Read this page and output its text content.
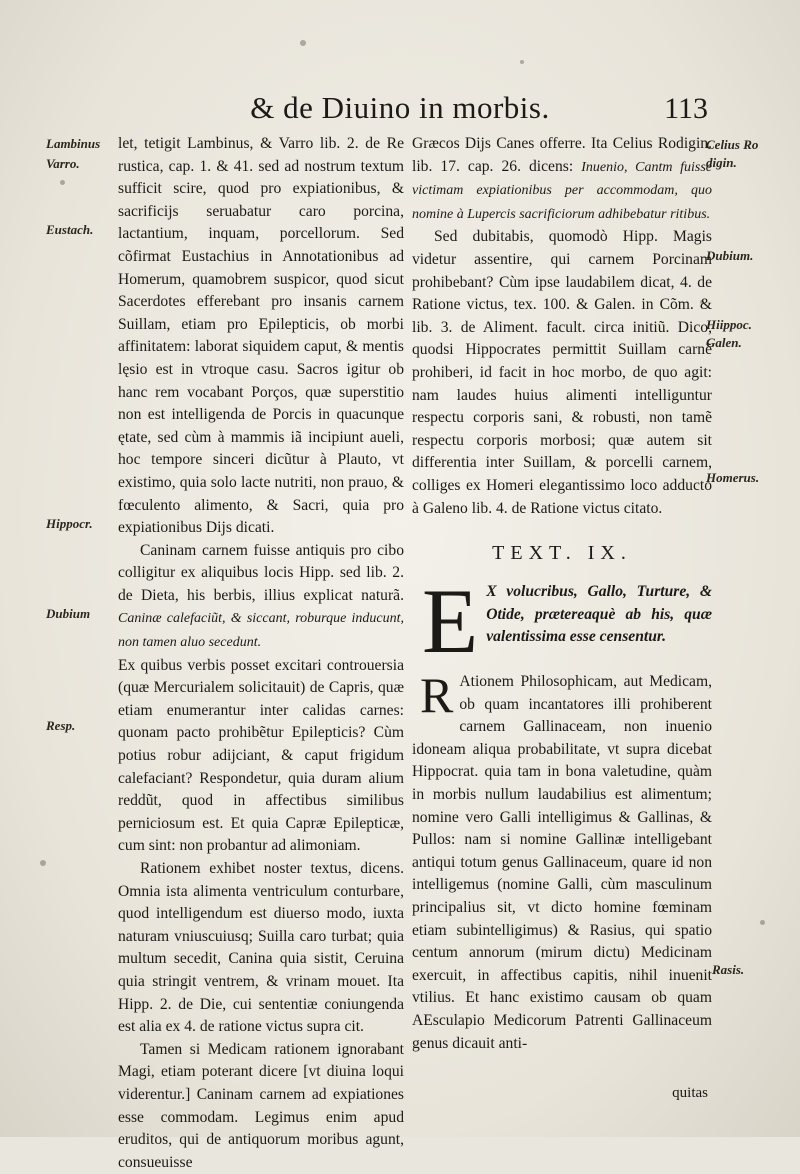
& de Diuino in morbis.	113
Lambinus
Varro.
Eustach.
Hippocr.
Dubium
Resp.
Celius Ro digin.
Dubium.
Hiippoc. Galen.
Homerus.
Rasis.

let, tetigit Lambinus, & Varro lib. 2. de Re rustica, cap. 1. & 41. sed ad nostrum textum sufficit scire, quod pro expiationibus, & sacrificijs seruabatur caro porcina, lactantium, inquam, porcellorum. Sed cõfirmat Eustachius in Annotationibus ad Homerum, quamobrem suspicor, quod sicut Sacerdotes efferebant pro insanis carnem Suillam, etiam pro Epilepticis, ob morbi affinitatem: laborat siquidem caput, & mentis lęsio est in vtroque casu. Sacros igitur ob hanc rem vocabant Porços, quæ superstitio non est intelligenda de Porcis in quacunque ętate, sed cùm à mammis iã incipiunt aueli, hoc tempore sinceri dicũtur à Plauto, vt existimo, quia solo lacte nutriti, non prauo, & fœculento alimento, & Sacri, quia pro expiationibus Dijs dicati.

Caninam carnem fuisse antiquis pro cibo colligitur ex aliquibus locis Hipp. sed lib. 2. de Dieta, his berbis, illius explicat naturã. Caninæ calefaciũt, & siccant, roburque inducunt, non tamen aluo secedunt.

Ex quibus verbis posset excitari controuersia (quæ Mercurialem solicitauit) de Capris, quæ etiam enumerantur inter calidas carnes: quonam pacto prohibẽtur Epilepticis? Cùm potius robur adijciant, & caput frigidum calefaciant? Respondetur, quia duram alium reddũt, quod in affectibus similibus perniciosum est. Et quia Capræ Epilepticæ, cum sint: non probantur ad alimoniam.

Rationem exhibet noster textus, dicens. Omnia ista alimenta ventriculum conturbare, quod intelligendum est diuerso modo, iuxta naturam vniuscuiusq; Suilla caro turbat; quia multum secedit, Canina quia sistit, Ceruina quia stringit ventrem, & vrinam mouet. Ita Hipp. 2. de Die, cui sententiæ coniungenda est alia ex 4. de ratione victus supra cit.

Tamen si Medicam rationem ignorabant Magi, etiam poterant dicere [vt diuina loqui viderentur.] Caninam carnem ad expiationes esse commodam. Legimus enim apud eruditos, qui de antiquorum moribus agunt, consueuisse

Græcos Dijs Canes offerre. Ita Celius Rodigin. lib. 17. cap. 26. dicens: Inuenio, Cantm fuisse victimam expiationibus per accommodam, quo nomine à Lupercis sacrificiorum adhibebatur ritibus.

Sed dubitabis, quomodò Hipp. Magis videtur assentire, qui carnem Porcinam prohibebant? Cùm ipse laudabilem dicat, 4. de Ratione victus, tex. 100. & Galen. in Cõm. & lib. 3. de Aliment. facult. circa initiũ. Dico, quodsi Hippocrates permittit Suillam carnẽ prohiberi, id facit in hoc morbo, de quo agit: nam laudes huius alimenti intelliguntur respectu corporis sani, & robusti, non tamẽ respectu corporis morbosi; quæ autem sit differentia inter Suillam, & porcelli carnem, colliges ex Homeri elegantissimo loco adducto à Galeno lib. 4. de Ratione victus citato.

TEXT. IX.
E X volucribus, Gallo, Turture, & Otide, prætereaquè ab his, quæ valentissima esse censentur.

R Ationem Philosophicam, aut Medicam, ob quam incantatores illi prohiberent carnem Gallinaceam, non inuenio idoneam aliqua probabilitate, vt supra dicebat Hippocrat. quia tam in bona valetudine, quàm in morbis nullum laudabilius est alimentum; nomine vero Galli intelligimus & Gallinas, & Pullos: nam si nomine Gallinæ intelligebant antiqui totum genus Gallinaceum, quare id non intelligemus (nomine Galli, cùm masculinum principalius sit, vt dicto homine fœminam etiam subintelligimus) & Rasius, qui spatio centum annorum (mirum dictu) Medicinam exercuit, in affectibus capitis, nihil inuenit vtilius. Et hanc existimo causam ob quam AEsculapio Medicorum Patrenti Gallinaceum genus dicauit anti-

quitas
